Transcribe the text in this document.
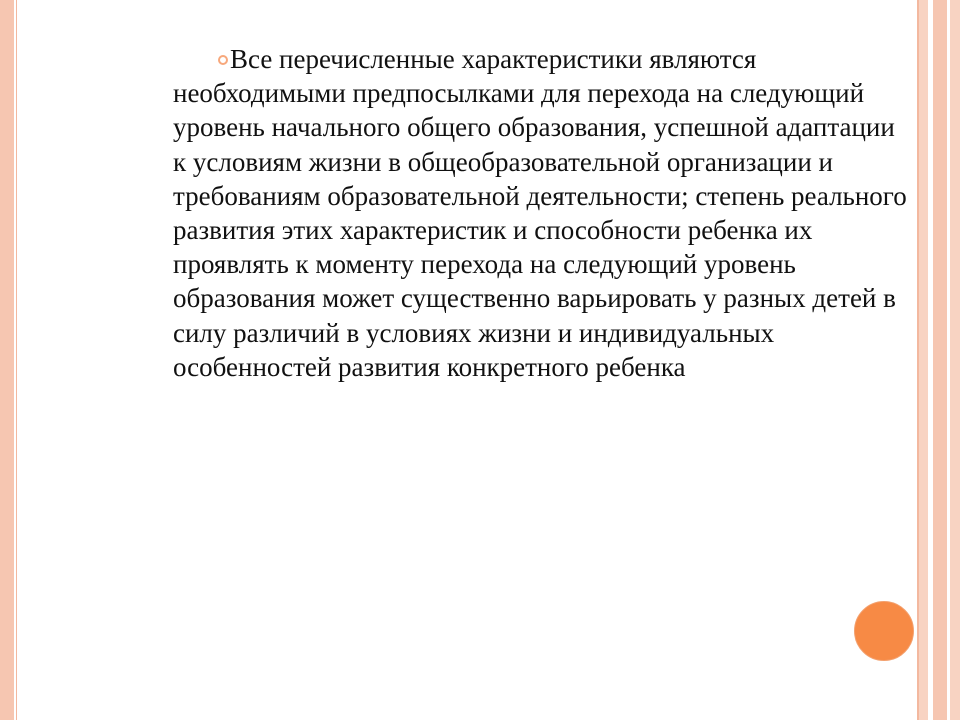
Все перечисленные характеристики являются необходимыми предпосылками для перехода на следующий уровень начального общего образования, успешной адаптации к условиям жизни в общеобразовательной организации и требованиям образовательной деятельности; степень реального развития этих характеристик и способности ребенка их проявлять к моменту перехода на следующий уровень образования может существенно варьировать у разных детей в силу различий в условиях жизни и индивидуальных особенностей развития конкретного ребенка
